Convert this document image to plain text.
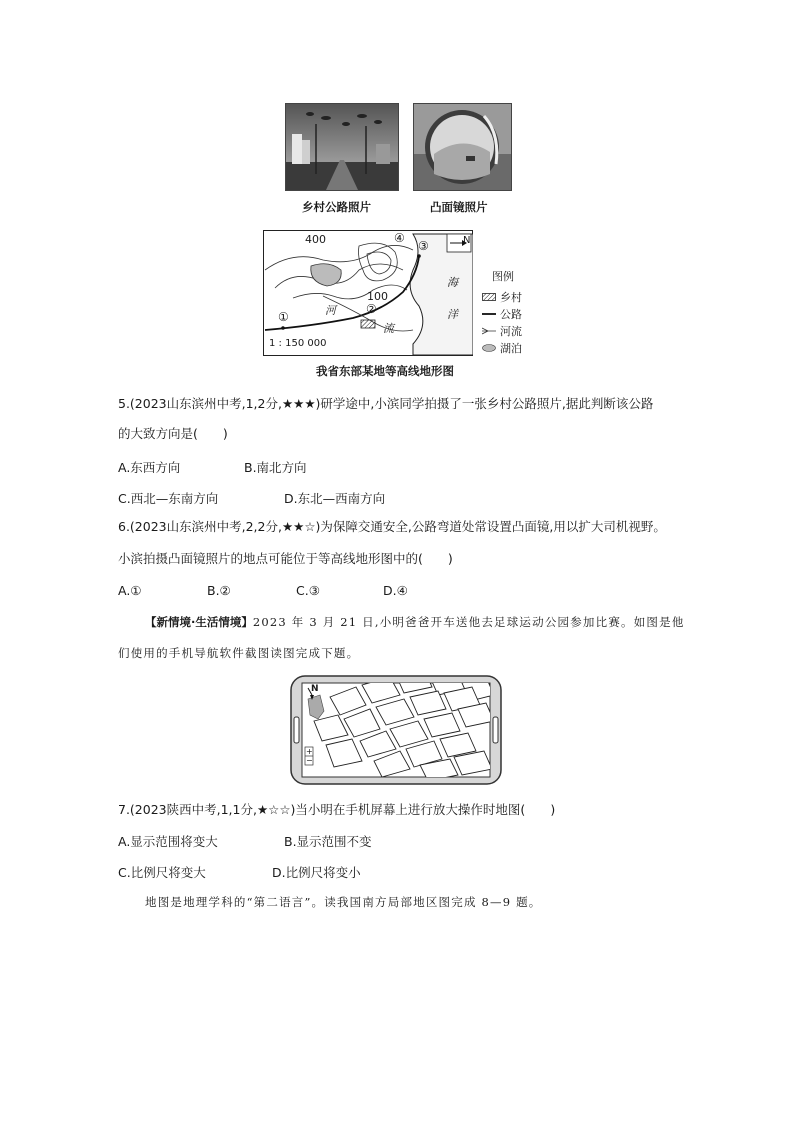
乡村公路照片	凸面镜照片
400
100
①
②
③
④	N
河
流
海
洋
1 : 150 000
图例
乡村
公路
河流
湖泊
我省东部某地等高线地形图
5.(2023山东滨州中考,1,2分,★★★)研学途中,小滨同学拍摄了一张乡村公路照片,据此判断该公路
的大致方向是(　　)
A.东西方向	B.南北方向
C.西北—东南方向	D.东北—西南方向
6.(2023山东滨州中考,2,2分,★★☆)为保障交通安全,公路弯道处常设置凸面镜,用以扩大司机视野。
小滨拍摄凸面镜照片的地点可能位于等高线地形图中的(　　)
A.①	B.②	C.③	D.④
【新情境·生活情境】2023 年 3 月 21 日,小明爸爸开车送他去足球运动公园参加比赛。如图是他
们使用的手机导航软件截图读图完成下题。
N
+
−
7.(2023陕西中考,1,1分,★☆☆)当小明在手机屏幕上进行放大操作时地图(　　)
A.显示范围将变大	B.显示范围不变
C.比例尺将变大	D.比例尺将变小
地图是地理学科的“第二语言”。读我国南方局部地区图完成 8—9 题。
